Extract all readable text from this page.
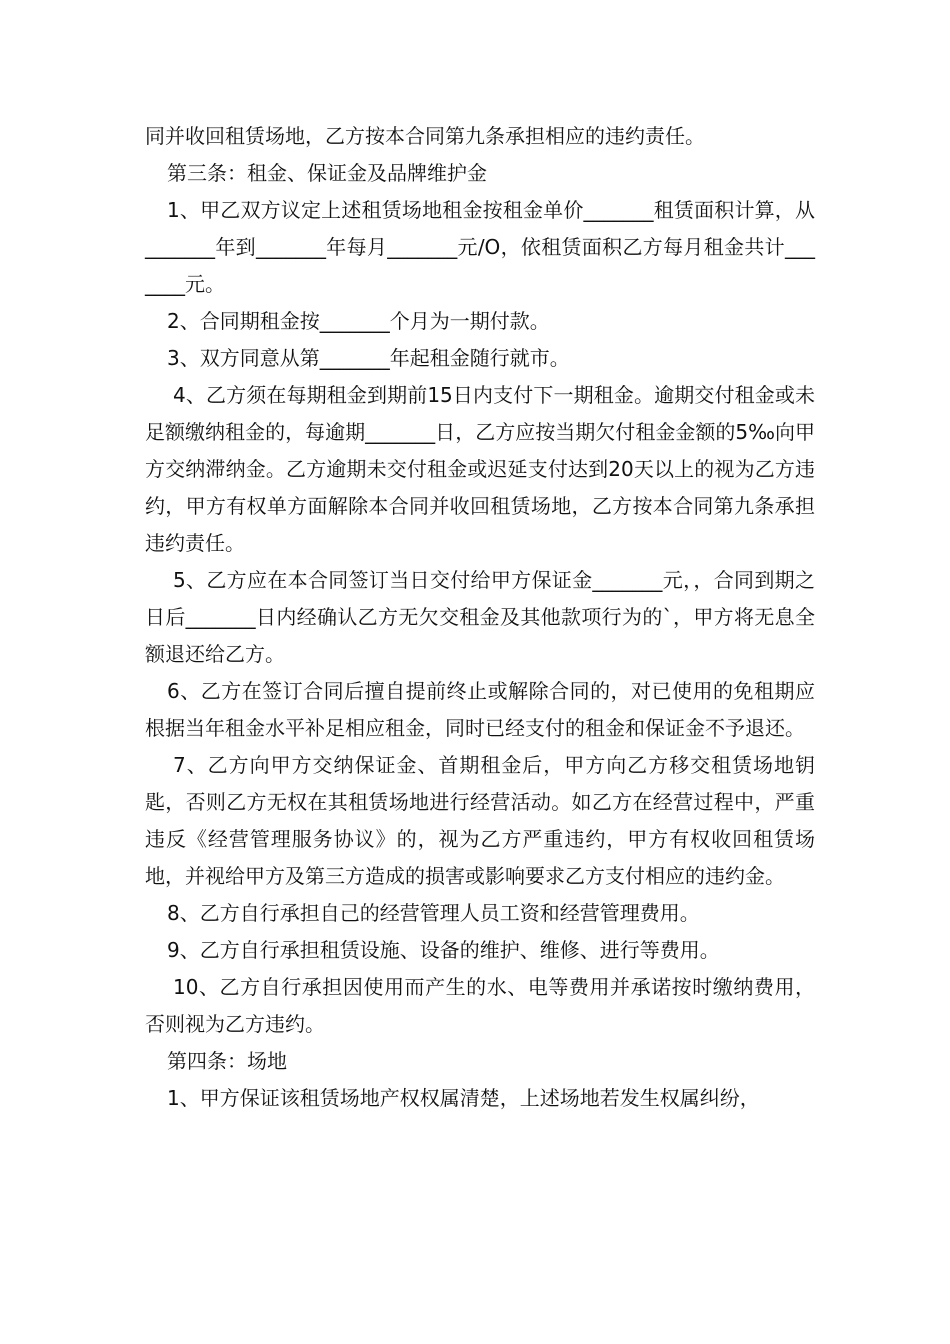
同并收回租赁场地，乙方按本合同第九条承担相应的违约责任。

第三条：租金、保证金及品牌维护金

1、甲乙双方议定上述租赁场地租金按租金单价_______租赁面积计算，从_______年到_______年每月_______元/O，依租赁面积乙方每月租金共计_______元。

2、合同期租金按_______个月为一期付款。

3、双方同意从第_______年起租金随行就市。

4、乙方须在每期租金到期前15日内支付下一期租金。逾期交付租金或未足额缴纳租金的，每逾期_______日，乙方应按当期欠付租金金额的5‰向甲方交纳滞纳金。乙方逾期未交付租金或迟延支付达到20天以上的视为乙方违约，甲方有权单方面解除本合同并收回租赁场地，乙方按本合同第九条承担违约责任。

5、乙方应在本合同签订当日交付给甲方保证金_______元，，合同到期之日后_______日内经确认乙方无欠交租金及其他款项行为的`，甲方将无息全额退还给乙方。

6、乙方在签订合同后擅自提前终止或解除合同的，对已使用的免租期应根据当年租金水平补足相应租金，同时已经支付的租金和保证金不予退还。

7、乙方向甲方交纳保证金、首期租金后，甲方向乙方移交租赁场地钥匙，否则乙方无权在其租赁场地进行经营活动。如乙方在经营过程中，严重违反《经营管理服务协议》的，视为乙方严重违约，甲方有权收回租赁场地，并视给甲方及第三方造成的损害或影响要求乙方支付相应的违约金。

8、乙方自行承担自己的经营管理人员工资和经营管理费用。

9、乙方自行承担租赁设施、设备的维护、维修、进行等费用。

10、乙方自行承担因使用而产生的水、电等费用并承诺按时缴纳费用，否则视为乙方违约。

第四条：场地

1、甲方保证该租赁场地产权权属清楚，上述场地若发生权属纠纷，
